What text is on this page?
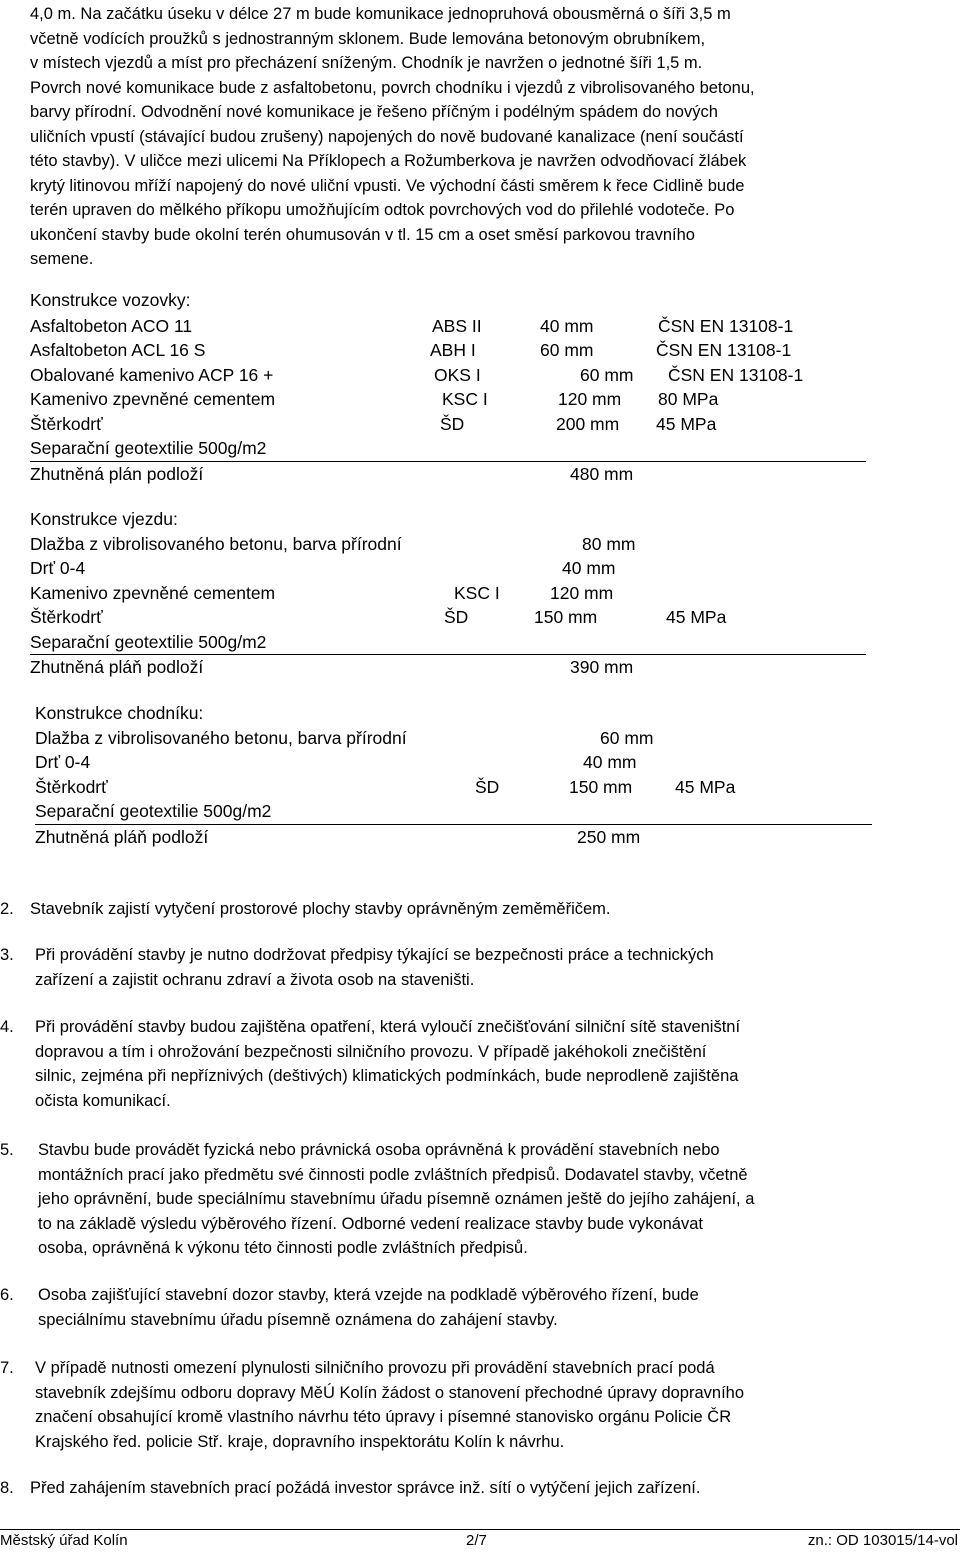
4,0 m. Na začátku úseku v délce 27 m bude komunikace jednopruhová obousměrná o šíři 3,5 m
včetně vodících proužků s jednostranným sklonem. Bude lemována betonovým obrubníkem,
v místech vjezdů a míst pro přecházení sníženým. Chodník je navržen o jednotné šíři 1,5 m.
Povrch nové komunikace bude z asfaltobetonu, povrch chodníku i vjezdů z vibrolisovaného betonu,
barvy přírodní. Odvodnění nové komunikace je řešeno příčným i podélným spádem do nových
uličních vpustí (stávající budou zrušeny) napojených do nově budované kanalizace (není součástí
této stavby). V uličce mezi ulicemi Na Příklopech a Rožumberkova je navržen odvodňovací žlábek
krytý litinovou mříží napojený do nové uliční vpusti. Ve východní části směrem k řece Cidlině bude
terén upraven do mělkého příkopu umožňujícím odtok povrchových vod do přilehlé vodoteče. Po
ukončení stavby bude okolní terén ohumusován v tl. 15 cm a oset směsí parkovou travního
semene.
Konstrukce vozovky:
Asfaltobeton ACO 11	ABS II	40 mm	ČSN EN 13108-1
Asfaltobeton ACL 16 S	ABH I	60 mm	ČSN EN 13108-1
Obalované kamenivo ACP 16 +	OKS I	60 mm ČSN EN 13108-1
Kamenivo zpevněné cementem	KSC I	120 mm 80 MPa
Štěrkodrť	ŠD	200 mm 45 MPa
Separační geotextilie 500g/m2
Zhutněná plán podloží	480 mm
Konstrukce vjezdu:
Dlažba z vibrolisovaného betonu, barva přírodní	80 mm
Drť 0-4	40 mm
Kamenivo zpevněné cementem	KSC I	120 mm
Štěrkodrť	ŠD	150 mm	45 MPa
Separační geotextilie 500g/m2
Zhutněná pláň podloží	390 mm
Konstrukce chodníku:
Dlažba z vibrolisovaného betonu, barva přírodní	60 mm
Drť 0-4	40 mm
Štěrkodrť	ŠD	150 mm 45 MPa
Separační geotextilie 500g/m2
Zhutněná pláň podloží	250 mm
2. Stavebník zajistí vytyčení prostorové plochy stavby oprávněným zeměměřičem.
3. Při provádění stavby je nutno dodržovat předpisy týkající se bezpečnosti práce a technických
zařízení a zajistit ochranu zdraví a života osob na staveništi.
4. Při provádění stavby budou zajištěna opatření, která vyloučí znečišťování silniční sítě staveništní
dopravou a tím i ohrožování bezpečnosti silničního provozu. V případě jakéhokoli znečištění
silnic, zejména při nepříznivých (deštivých) klimatických podmínkách, bude neprodleně zajištěna
očista komunikací.
5. Stavbu bude provádět fyzická nebo právnická osoba oprávněná k provádění stavebních nebo
montážních prací jako předmětu své činnosti podle zvláštních předpisů. Dodavatel stavby, včetně
jeho oprávnění, bude speciálnímu stavebnímu úřadu písemně oznámen ještě do jejího zahájení, a
to na základě výsledu výběrového řízení. Odborné vedení realizace stavby bude vykonávat
osoba, oprávněná k výkonu této činnosti podle zvláštních předpisů.
6. Osoba zajišťující stavební dozor stavby, která vzejde na podkladě výběrového řízení, bude
speciálnímu stavebnímu úřadu písemně oznámena do zahájení stavby.
7. V případě nutnosti omezení plynulosti silničního provozu při provádění stavebních prací podá
stavebník zdejšímu odboru dopravy MěÚ Kolín žádost o stanovení přechodné úpravy dopravního
značení obsahující kromě vlastního návrhu této úpravy i písemné stanovisko orgánu Policie ČR
Krajského řed. policie Stř. kraje, dopravního inspektorátu Kolín k návrhu.
8. Před zahájením stavebních prací požádá investor správce inž. sítí o vytýčení jejich zařízení.
Městský úřad Kolín	2/7	zn.: OD 103015/14-vol
